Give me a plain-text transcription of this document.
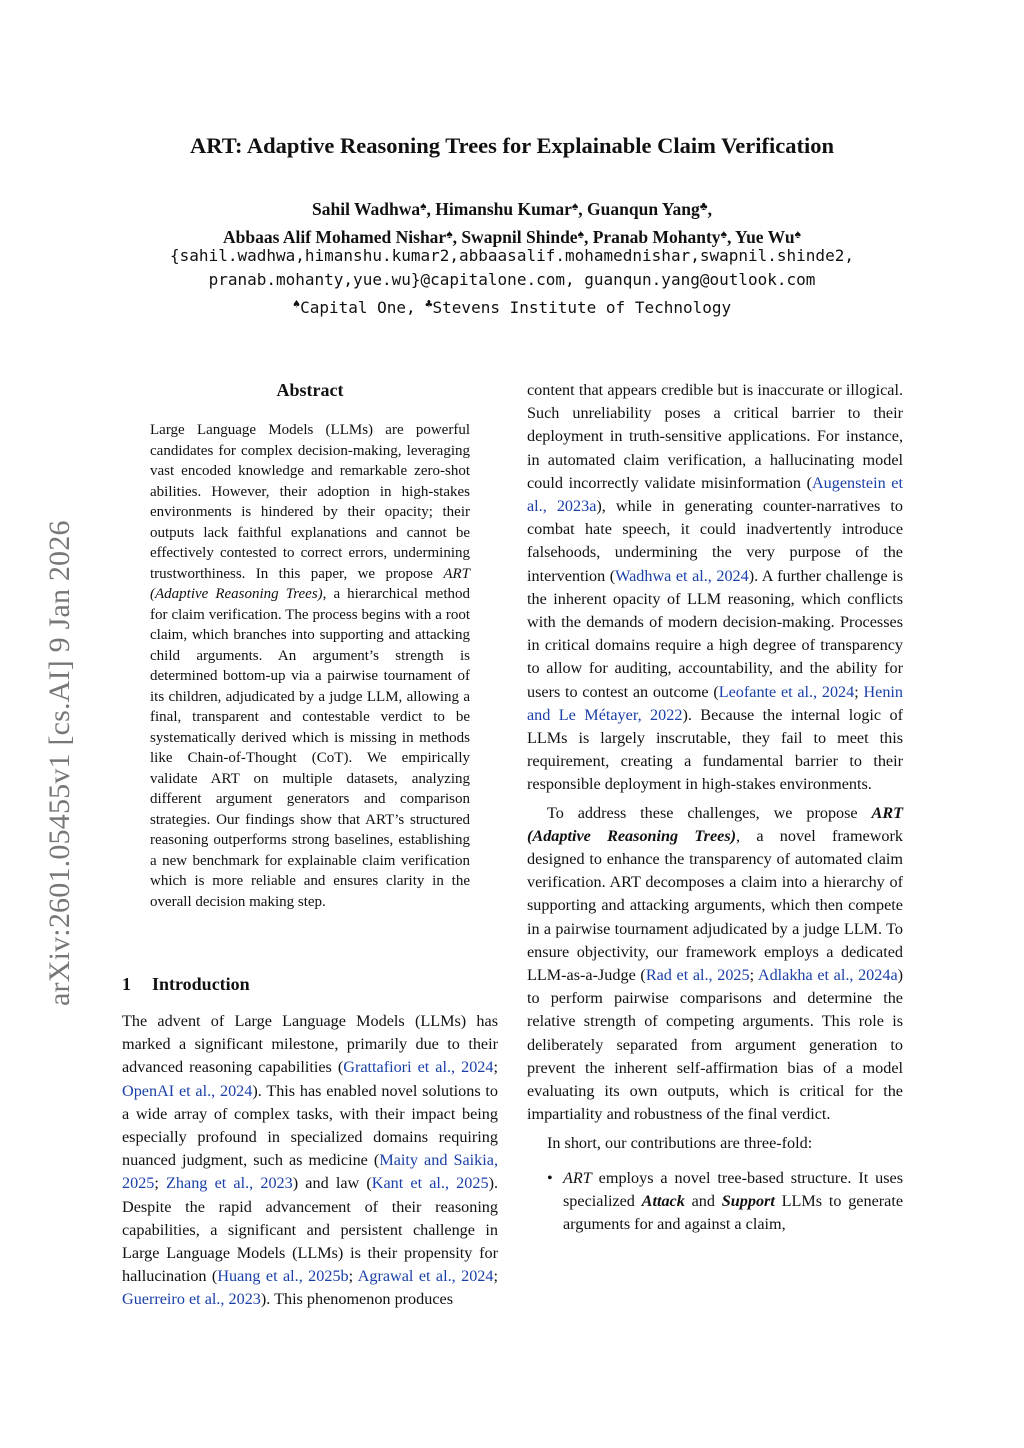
arXiv:2601.05455v1 [cs.AI] 9 Jan 2026
ART: Adaptive Reasoning Trees for Explainable Claim Verification
Sahil Wadhwa♠, Himanshu Kumar♠, Guanqun Yang♣,
Abbaas Alif Mohamed Nishar♠, Swapnil Shinde♠, Pranab Mohanty♠, Yue Wu♠
{sahil.wadhwa,himanshu.kumar2,abbaasalif.mohamednishar,swapnil.shinde2,
pranab.mohanty,yue.wu}@capitalone.com, guanqun.yang@outlook.com
♠Capital One, ♣Stevens Institute of Technology
Abstract
Large Language Models (LLMs) are powerful candidates for complex decision-making, leveraging vast encoded knowledge and remarkable zero-shot abilities. However, their adoption in high-stakes environments is hindered by their opacity; their outputs lack faithful explanations and cannot be effectively contested to correct errors, undermining trustworthiness. In this paper, we propose ART (Adaptive Reasoning Trees), a hierarchical method for claim verification. The process begins with a root claim, which branches into supporting and attacking child arguments. An argument’s strength is determined bottom-up via a pairwise tournament of its children, adjudicated by a judge LLM, allowing a final, transparent and contestable verdict to be systematically derived which is missing in methods like Chain-of-Thought (CoT). We empirically validate ART on multiple datasets, analyzing different argument generators and comparison strategies. Our findings show that ART’s structured reasoning outperforms strong baselines, establishing a new benchmark for explainable claim verification which is more reliable and ensures clarity in the overall decision making step.
1 Introduction
The advent of Large Language Models (LLMs) has marked a significant milestone, primarily due to their advanced reasoning capabilities (Grattafiori et al., 2024; OpenAI et al., 2024). This has enabled novel solutions to a wide array of complex tasks, with their impact being especially profound in specialized domains requiring nuanced judgment, such as medicine (Maity and Saikia, 2025; Zhang et al., 2023) and law (Kant et al., 2025). Despite the rapid advancement of their reasoning capabilities, a significant and persistent challenge in Large Language Models (LLMs) is their propensity for hallucination (Huang et al., 2025b; Agrawal et al., 2024; Guerreiro et al., 2023). This phenomenon produces

content that appears credible but is inaccurate or illogical. Such unreliability poses a critical barrier to their deployment in truth-sensitive applications. For instance, in automated claim verification, a hallucinating model could incorrectly validate misinformation (Augenstein et al., 2023a), while in generating counter-narratives to combat hate speech, it could inadvertently introduce falsehoods, undermining the very purpose of the intervention (Wadhwa et al., 2024). A further challenge is the inherent opacity of LLM reasoning, which conflicts with the demands of modern decision-making. Processes in critical domains require a high degree of transparency to allow for auditing, accountability, and the ability for users to contest an outcome (Leofante et al., 2024; Henin and Le Métayer, 2022). Because the internal logic of LLMs is largely inscrutable, they fail to meet this requirement, creating a fundamental barrier to their responsible deployment in high-stakes environments.

To address these challenges, we propose ART (Adaptive Reasoning Trees), a novel framework designed to enhance the transparency of automated claim verification. ART decomposes a claim into a hierarchy of supporting and attacking arguments, which then compete in a pairwise tournament adjudicated by a judge LLM. To ensure objectivity, our framework employs a dedicated LLM-as-a-Judge (Rad et al., 2025; Adlakha et al., 2024a) to perform pairwise comparisons and determine the relative strength of competing arguments. This role is deliberately separated from argument generation to prevent the inherent self-affirmation bias of a model evaluating its own outputs, which is critical for the impartiality and robustness of the final verdict.

In short, our contributions are three-fold:

• ART employs a novel tree-based structure. It uses specialized Attack and Support LLMs to generate arguments for and against a claim,
